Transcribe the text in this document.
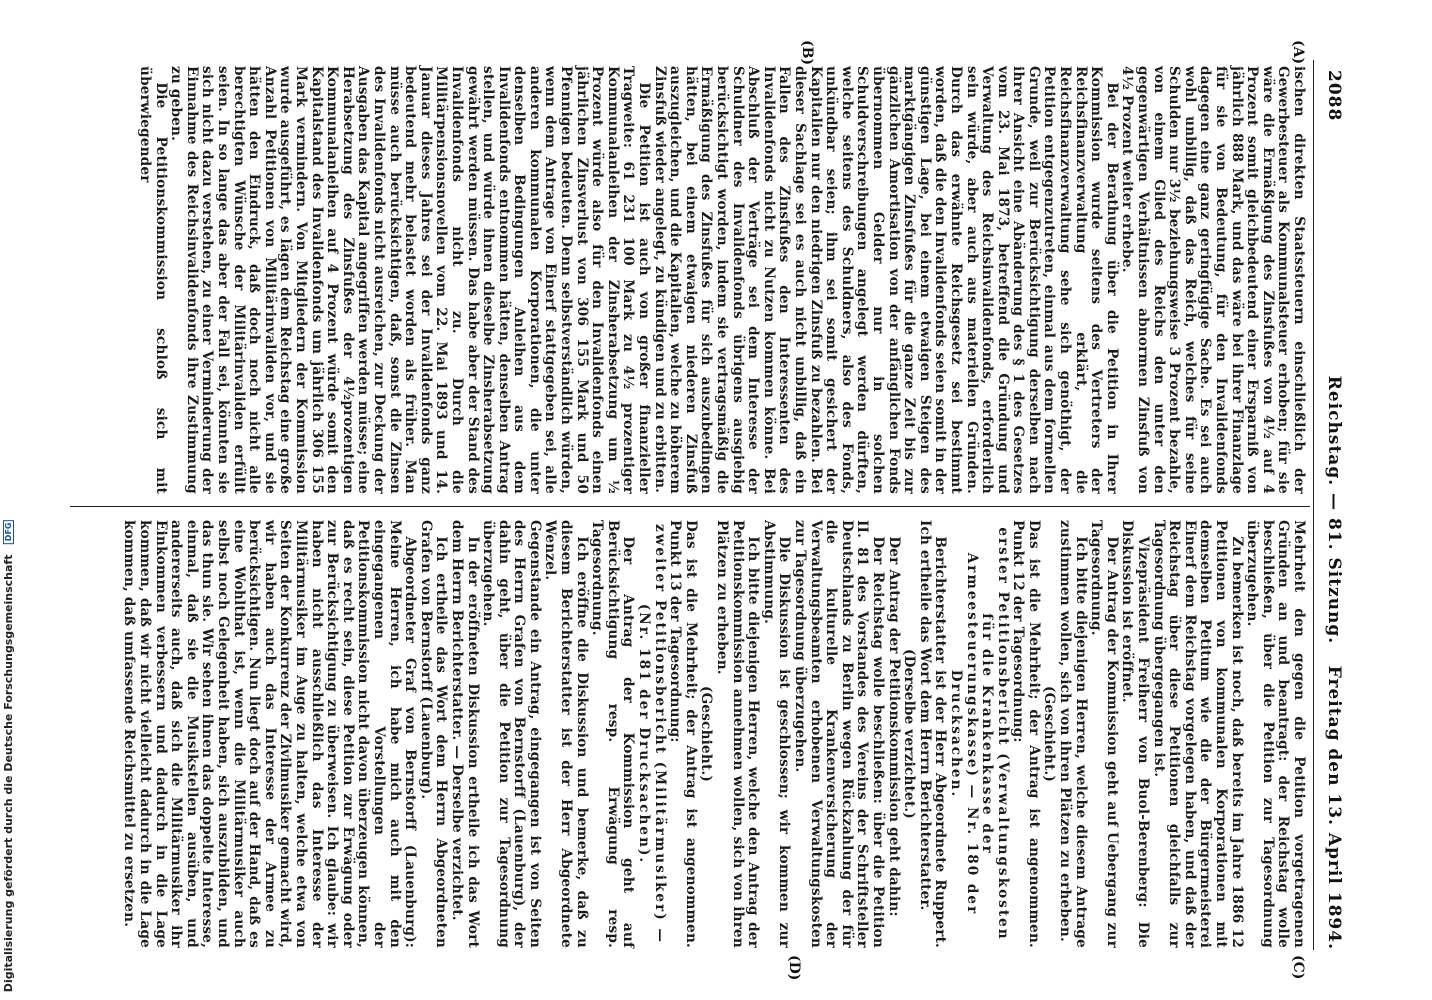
2088
Reichstag. — 81. Sitzung.
Freitag den 13. April 1894.
(A)
(B)
(C)
(D)

ischen direkten Staatssteuern einschließlich der Gewerbesteuer als Kommunalsteuer erhoben; für sie wäre die Ermäßigung des Zinsfußes von 4½ auf 4 Prozent somit gleichbedeutend einer Ersparniß von jährlich 888 Mark, und das wäre bei ihrer Finanzlage für sie von Bedeutung, für den Invalidenfonds dagegen eine ganz geringfügige Sache. Es sei auch wohl unbillig, daß das Reich, welches für seine Schulden nur 3½ beziehungsweise 3 Prozent bezahle, von einem Glied des Reichs den unter den gegenwärtigen Verhältnissen abnormen Zinsfuß von 4½ Prozent weiter erhebe.

Bei der Berathung über die Petition in Ihrer Kommission wurde seitens des Vertreters der Reichsfinanzverwaltung erklärt, die Reichsfinanzverwaltung sehe sich genöthigt, der Petition entgegenzutreten, einmal aus dem formellen Grunde, weil zur Berücksichtigung derselben nach ihrer Ansicht eine Abänderung des § 1 des Gesetzes vom 23. Mai 1873, betreffend die Gründung und Verwaltung des Reichsinvalidenfonds, erforderlich sein würde, aber auch aus materiellen Gründen. Durch das erwähnte Reichsgesetz sei bestimmt worden, daß die den Invalidenfonds seien somit in der günstigen Lage, bei einem etwaigen Steigen des marktgängigen Zinsfußes für die ganze Zeit bis zur gänzlichen Amortisation von der anfänglichen Fonds übernommen Gelder nur in solchen Schuldverschreibungen angelegt werden dürften, welche seitens des Schuldners, also des Fonds, unkündbar seien; ihm sei somit gesichert der Kapitalien nur den niedrigen Zinsfuß zu bezahlen. Bei dieser Sachlage sei es auch nicht unbillig, daß ein Fallen des Zinsfußes den Interessenten des Invalidenfonds nicht zu Nutzen kommen könne. Bei Abschluß der Verträge sei dem Interesse der Schuldner des Invalidenfonds übrigens ausgiebig berücksichtigt worden, indem sie vertragsmäßig die Ermäßigung des Zinsfußes für sich auszubedingen hätten, bei einem etwaigen niederen Zinsfuß auszugleichen, und die Kapitalien, welche zu höherem Zinsfuß wieder angelegt, zu kündigen und zu erbitten.

Die Petition ist auch von großer finanzieller Tragweite: 61 231 100 Mark zu 4½ prozentiger Kommunalanleihen der Zinsherabsetzung um ½ Prozent würde also für den Invalidenfonds einen jährlichen Zinsverlust von 306 155 Mark und 50 Pfennigen bedeuten. Denn selbstverständlich würden, wenn dem Antrage von Einerf stattgegeben sei, alle anderen kommunalen Korporationen, die unter denselben Bedingungen Anleihen aus dem Invalidenfonds entnommen hätten, denselben Antrag stellen, und würde ihnen dieselbe Zinsherabsetzung gewährt werden müssen. Das habe aber der Stand des Invalidenfonds nicht zu. Durch die Militärpensionsnovellen vom 22. Mai 1893 und 14. Januar dieses Jahres sei der Invalidenfonds ganz bedeutend mehr belastet worden als früher. Man müsse auch berücksichtigen, daß, sonst die Zinsen des Invalidenfonds nicht ausreichen, zur Deckung der Ausgaben das Kapital angegriffen werden müsse; eine Herabsetzung des Zinsfußes der 4½prozentigen Kommunalanleihen auf 4 Prozent würde somit den Kapitalstand des Invalidenfonds um jährlich 306 155 Mark vermindern. Von Mitgliedern der Kommission wurde ausgeführt, es lägen dem Reichstag eine große Anzahl Petitionen von Militärinvaliden vor, und sie hätten den Eindruck, daß doch noch nicht alle berechtigten Wünsche der Militärinvaliden erfüllt seien. In so lange das aber der Fall sei, könnten sie sich nicht dazu verstehen, zu einer Verminderung der Einnahme des Reichsinvalidenfonds ihre Zustimmung zu geben.

Die Petitionskommission schloß sich mit überwiegender

Mehrheit den gegen die Petition vorgetragenen Gründen an und beantragt: der Reichstag wolle beschließen, über die Petition zur Tagesordnung überzugehen.

Zu bemerken ist noch, daß bereits im Jahre 1886 12 Petitionen von kommunalen Korporationen mit demselben Petitum wie die der Bürgermeisterei Einerf dem Reichstag vorgelegen haben, und daß der Reichstag über diese Petitionen gleichfalls zur Tagesordnung übergegangen ist.

Vizepräsident Freiherr von Buol-Berenberg: Die Diskussion ist eröffnet.

Der Antrag der Kommission geht auf Uebergang zur Tagesordnung.

Ich bitte diejenigen Herren, welche diesem Antrage zustimmen wollen, sich von ihren Plätzen zu erheben.

(Geschieht.)

Das ist die Mehrheit; der Antrag ist angenommen. Punkt 12 der Tagesordnung:

erster Petitionsbericht (Verwaltungskosten für die Krankenkasse der Armeesteuerungskasse) — Nr. 180 der Drucksachen.

Berichterstatter ist der Herr Abgeordnete Ruppert. Ich ertheile das Wort dem Herrn Berichterstatter.

(Derselbe verzichtet.)

Der Antrag der Petitionskommission geht dahin:

Der Reichstag wolle beschließen: über die Petition II. 81 des Vorstandes des Vereins der Schriftsteller Deutschlands zu Berlin wegen Rückzahlung der für die kulturelle Krankenversicherung der Verwaltungsbeamten erhobenen Verwaltungskosten zur Tagesordnung überzugehen.

Die Diskussion ist geschlossen; wir kommen zur Abstimmung.

Ich bitte diejenigen Herren, welche den Antrag der Petitionskommission annehmen wollen, sich von ihren Plätzen zu erheben.

(Geschieht.)

Das ist die Mehrheit; der Antrag ist angenommen. Punkt 13 der Tagesordnung:

zweiter Petitionsbericht (Militärmusiker) — (Nr. 181 der Drucksachen).

Der Antrag der Kommission geht auf Berücksichtigung resp. Erwägung resp. Tagesordnung.

Ich eröffne die Diskussion und bemerke, daß zu diesem Berichterstatter ist der Herr Abgeordnete Wenzel.

Gegenstande ein Antrag, eingegangen ist von Seiten des Herrn Grafen von Bernstorff (Lauenburg), der dahin geht, über die Petition zur Tagesordnung überzugehen.

In der eröffneten Diskussion ertheile ich das Wort dem Herrn Berichterstatter. — Derselbe verzichtet.

Ich ertheile das Wort dem Herrn Abgeordneten Grafen von Bernstorff (Lauenburg).

Abgeordneter Graf von Bernstorff (Lauenburg): Meine Herren, ich habe mich auch mit den eingegangenen Vorstellungen der Petitionskommission nicht davon überzeugen können, daß es recht sein, diese Petition zur Erwägung oder zur Berücksichtigung zu überweisen. Ich glaube: wir haben nicht ausschließlich das Interesse der Militärmusiker im Auge zu halten, welche etwa von Seiten der Konkurrenz der Zivilmusiker gemacht wird, wir haben auch das Interesse der Armee zu berücksichtigen. Nun liegt doch auf der Hand, daß es eine Wohlthat ist, wenn die Militärmusiker auch selbst noch Gelegenheit haben, sich auszubilden, und das thun sie. Wir sehen ihnen das doppelte Interesse, einmal, daß sie die Musikstellen ausüben, und andererseits auch, daß sich die Militärmusiker ihr Einkommen verbessern und dadurch in die Lage kommen, daß wir nicht vielleicht dadurch in die Lage kommen, daß umfassende Reichsmittel zu ersetzen.

Digitalisierung gefördert durch die Deutsche Forschungsgemeinschaft DFG
